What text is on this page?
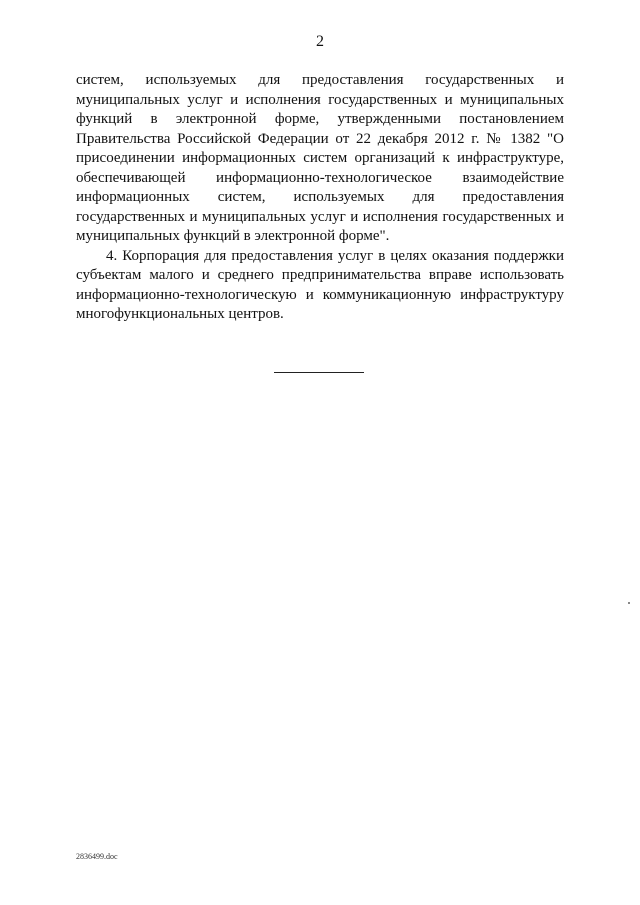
2

систем, используемых для предоставления государственных и муниципальных услуг и исполнения государственных и муниципальных функций в электронной форме, утвержденными постановлением Правительства Российской Федерации от 22 декабря 2012 г. № 1382 "О присоединении информационных систем организаций к инфраструктуре, обеспечивающей информационно-технологическое взаимодействие информационных систем, используемых для предоставления государственных и муниципальных услуг и исполнения государственных и муниципальных функций в электронной форме".

4. Корпорация для предоставления услуг в целях оказания поддержки субъектам малого и среднего предпринимательства вправе использовать информационно-технологическую и коммуникационную инфраструктуру многофункциональных центров.

2836499.doc
